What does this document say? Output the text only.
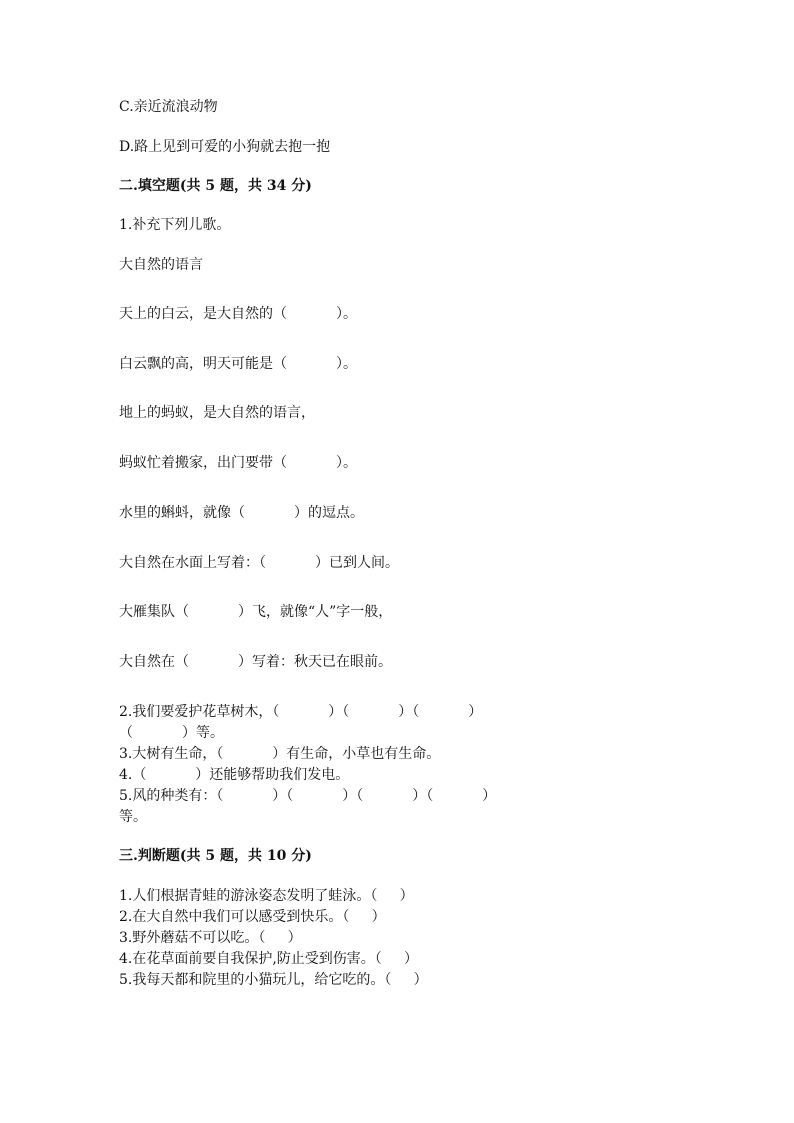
C.亲近流浪动物
D.路上见到可爱的小狗就去抱一抱
二.填空题(共 5 题，共 34 分)
1.补充下列儿歌。
大自然的语言
天上的白云，是大自然的（           ）。
白云飘的高，明天可能是（           ）。
地上的蚂蚁，是大自然的语言，
蚂蚁忙着搬家，出门要带（           ）。
水里的蝌蚪，就像（           ）的逗点。
大自然在水面上写着：（           ）已到人间。
大雁集队（           ）飞，就像“人”字一般，
大自然在（           ）写着：秋天已在眼前。
2.我们要爱护花草树木，（           ）（           ）（           ）
（           ）等。
3.大树有生命，（           ）有生命，小草也有生命。
4.（           ）还能够帮助我们发电。
5.风的种类有：（           ）（           ）（           ）（           ）
等。
三.判断题(共 5 题，共 10 分)
1.人们根据青蛙的游泳姿态发明了蛙泳。（     ）
2.在大自然中我们可以感受到快乐。（     ）
3.野外蘑菇不可以吃。（     ）
4.在花草面前要自我保护,防止受到伤害。（     ）
5.我每天都和院里的小猫玩儿，给它吃的。（     ）
